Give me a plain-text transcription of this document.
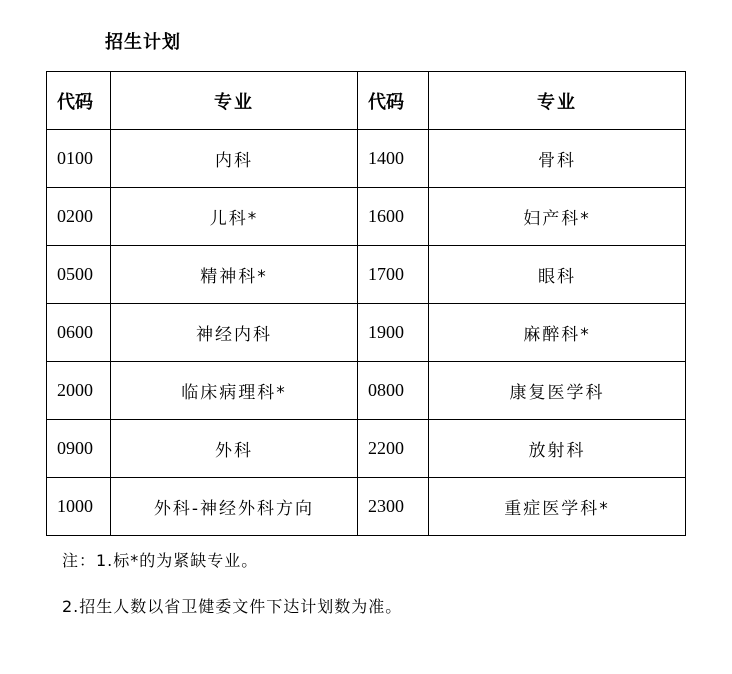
招生计划
代码	专业	代码	专业
0100	内科	1400	骨科
0200	儿科*	1600	妇产科*
0500	精神科*	1700	眼科
0600	神经内科	1900	麻醉科*
2000	临床病理科*	0800	康复医学科
0900	外科	2200	放射科
1000	外科-神经外科方向	2300	重症医学科*
注：1.标*的为紧缺专业。
2.招生人数以省卫健委文件下达计划数为准。
